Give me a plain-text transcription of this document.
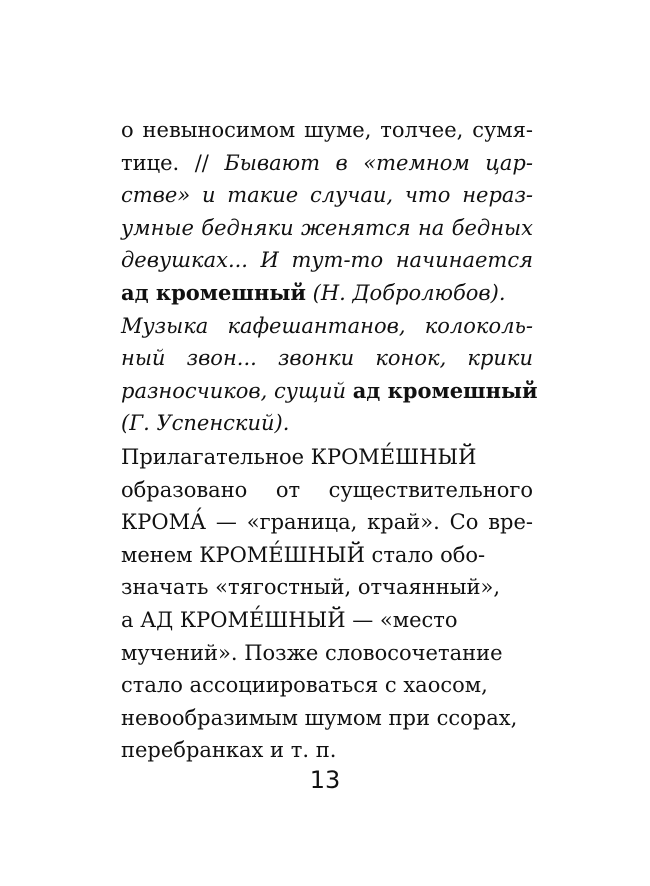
о невыносимом шуме, толчее, сумя-
тице. // Бывают в «темном цар-
стве» и такие случаи, что нераз-
умные бедняки женятся на бедных
девушках... И тут-то начинается
ад кромешный (Н. Добролюбов).
Музыка кафешантанов, колоколь-
ный звон... звонки конок, крики
разносчиков, сущий ад кромешный
(Г. Успенский).
Прилагательное КРОМЕ́ШНЫЙ
образовано от существительного
КРОМА́ — «граница, край». Со вре-
менем КРОМЕ́ШНЫЙ стало обо-
значать «тягостный, отчаянный»,
а АД КРОМЕ́ШНЫЙ — «место
мучений». Позже словосочетание
стало ассоциироваться с хаосом,
невообразимым шумом при ссорах,
перебранках и т. п.
13
